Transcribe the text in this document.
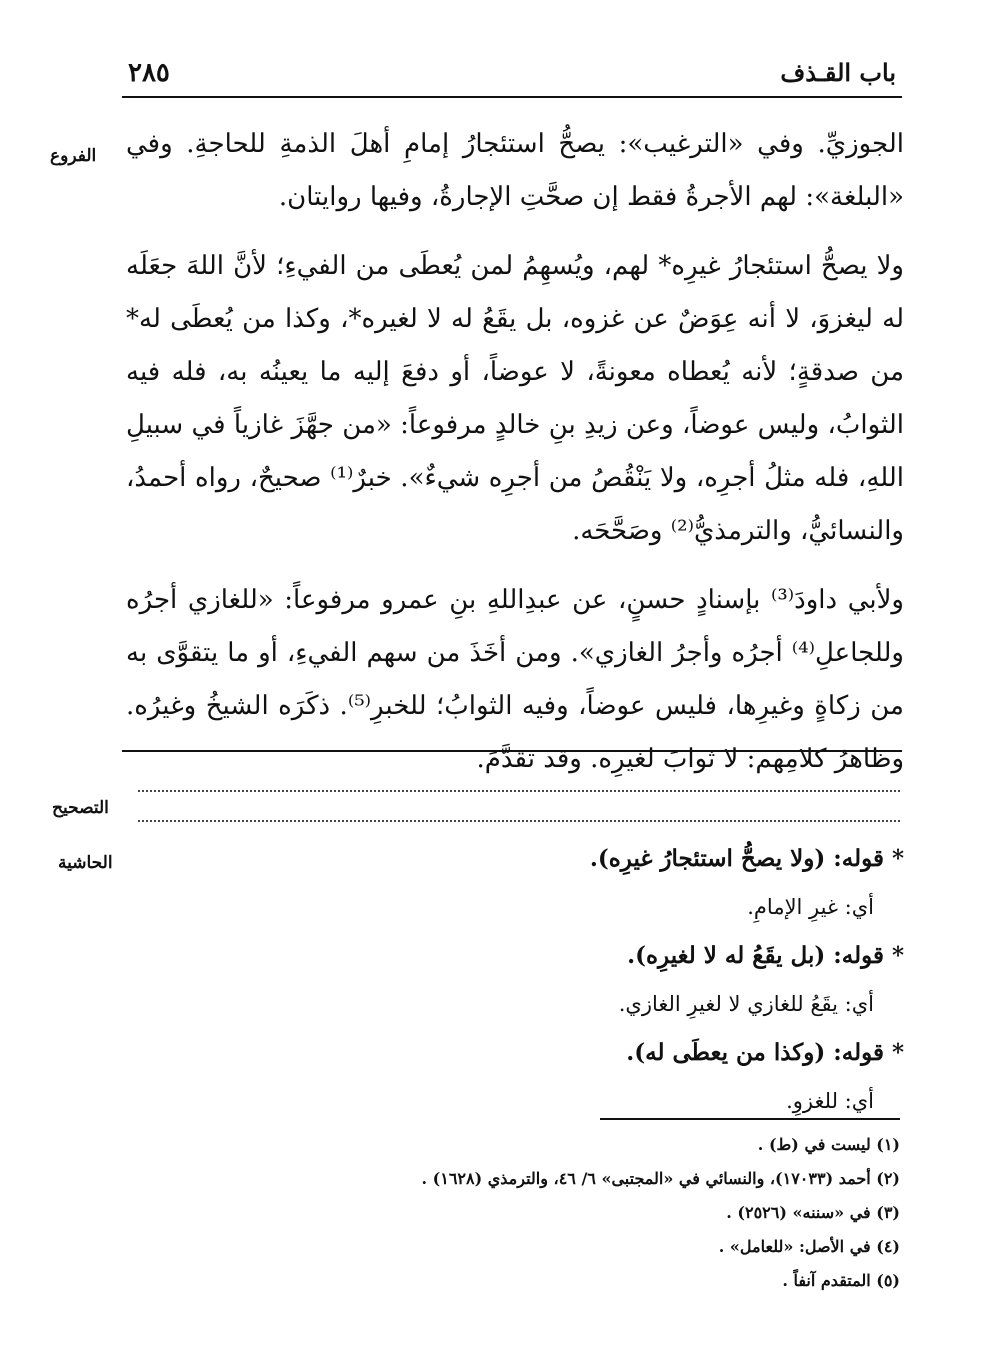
باب القـذف
٢٨٥
الفروع الجوزيِّ. وفي «الترغيب»: يصحُّ استئجارُ إمامِ أهلَ الذمةِ للحاجةِ. وفي «البلغة»: لهم الأجرةُ فقط إن صحَّتِ الإجارةُ، وفيها روايتان.

ولا يصحُّ استئجارُ غيرِه* لهم، ويُسهِمُ لمن يُعطَى من الفيءِ؛ لأنَّ اللهَ جعَلَه له ليغزوَ، لا أنه عِوَضٌ عن غزوه، بل يقَعُ له لا لغيره*، وكذا من يُعطَى له* من صدقةٍ؛ لأنه يُعطاه معونةً، لا عوضاً، أو دفعَ إليه ما يعينُه به، فله فيه الثوابُ، وليس عوضاً، وعن زيدِ بنِ خالدٍ مرفوعاً: «من جهَّزَ غازياً في سبيلِ اللهِ، فله مثلُ أجرِه، ولا يَنْقُصُ من أجرِه شيءٌ». خبرٌ⁽¹⁾ صحيحٌ، رواه أحمدُ، والنسائيُّ، والترمذيُّ⁽²⁾ وصَحَّحَه.

ولأبي داودَ⁽³⁾ بإسنادٍ حسنٍ، عن عبدِاللهِ بنِ عمرو مرفوعاً: «للغازي أجرُه وللجاعلِ⁽⁴⁾ أجرُه وأجرُ الغازي». ومن أخَذَ من سهم الفيءِ، أو ما يتقوَّى به من زكاةٍ وغيرِها، فليس عوضاً، وفيه الثوابُ؛ للخبرِ⁽⁵⁾. ذكَرَه الشيخُ وغيرُه. وظاهرُ كلامِهم: لا ثوابَ لغيرِه. وقد تقدَّمَ.

التصحيح
الحاشية	* قوله: (ولا يصحُّ استئجارُ غيرِه).
أي: غيرِ الإمامِ.
* قوله: (بل يقَعُ له لا لغيرِه).
أي: يقَعُ للغازي لا لغيرِ الغازي.
* قوله: (وكذا من يعطَى له).
أي: للغزوِ.

(١) ليست في (ط) .

(٢) أحمد (١٧٠٣٣)، والنسائي في «المجتبى» ٦/ ٤٦، والترمذي (١٦٢٨) .

(٣) في «سننه» (٢٥٢٦) .

(٤) في الأصل: «للعامل» .

(٥) المتقدم آنفاً .
